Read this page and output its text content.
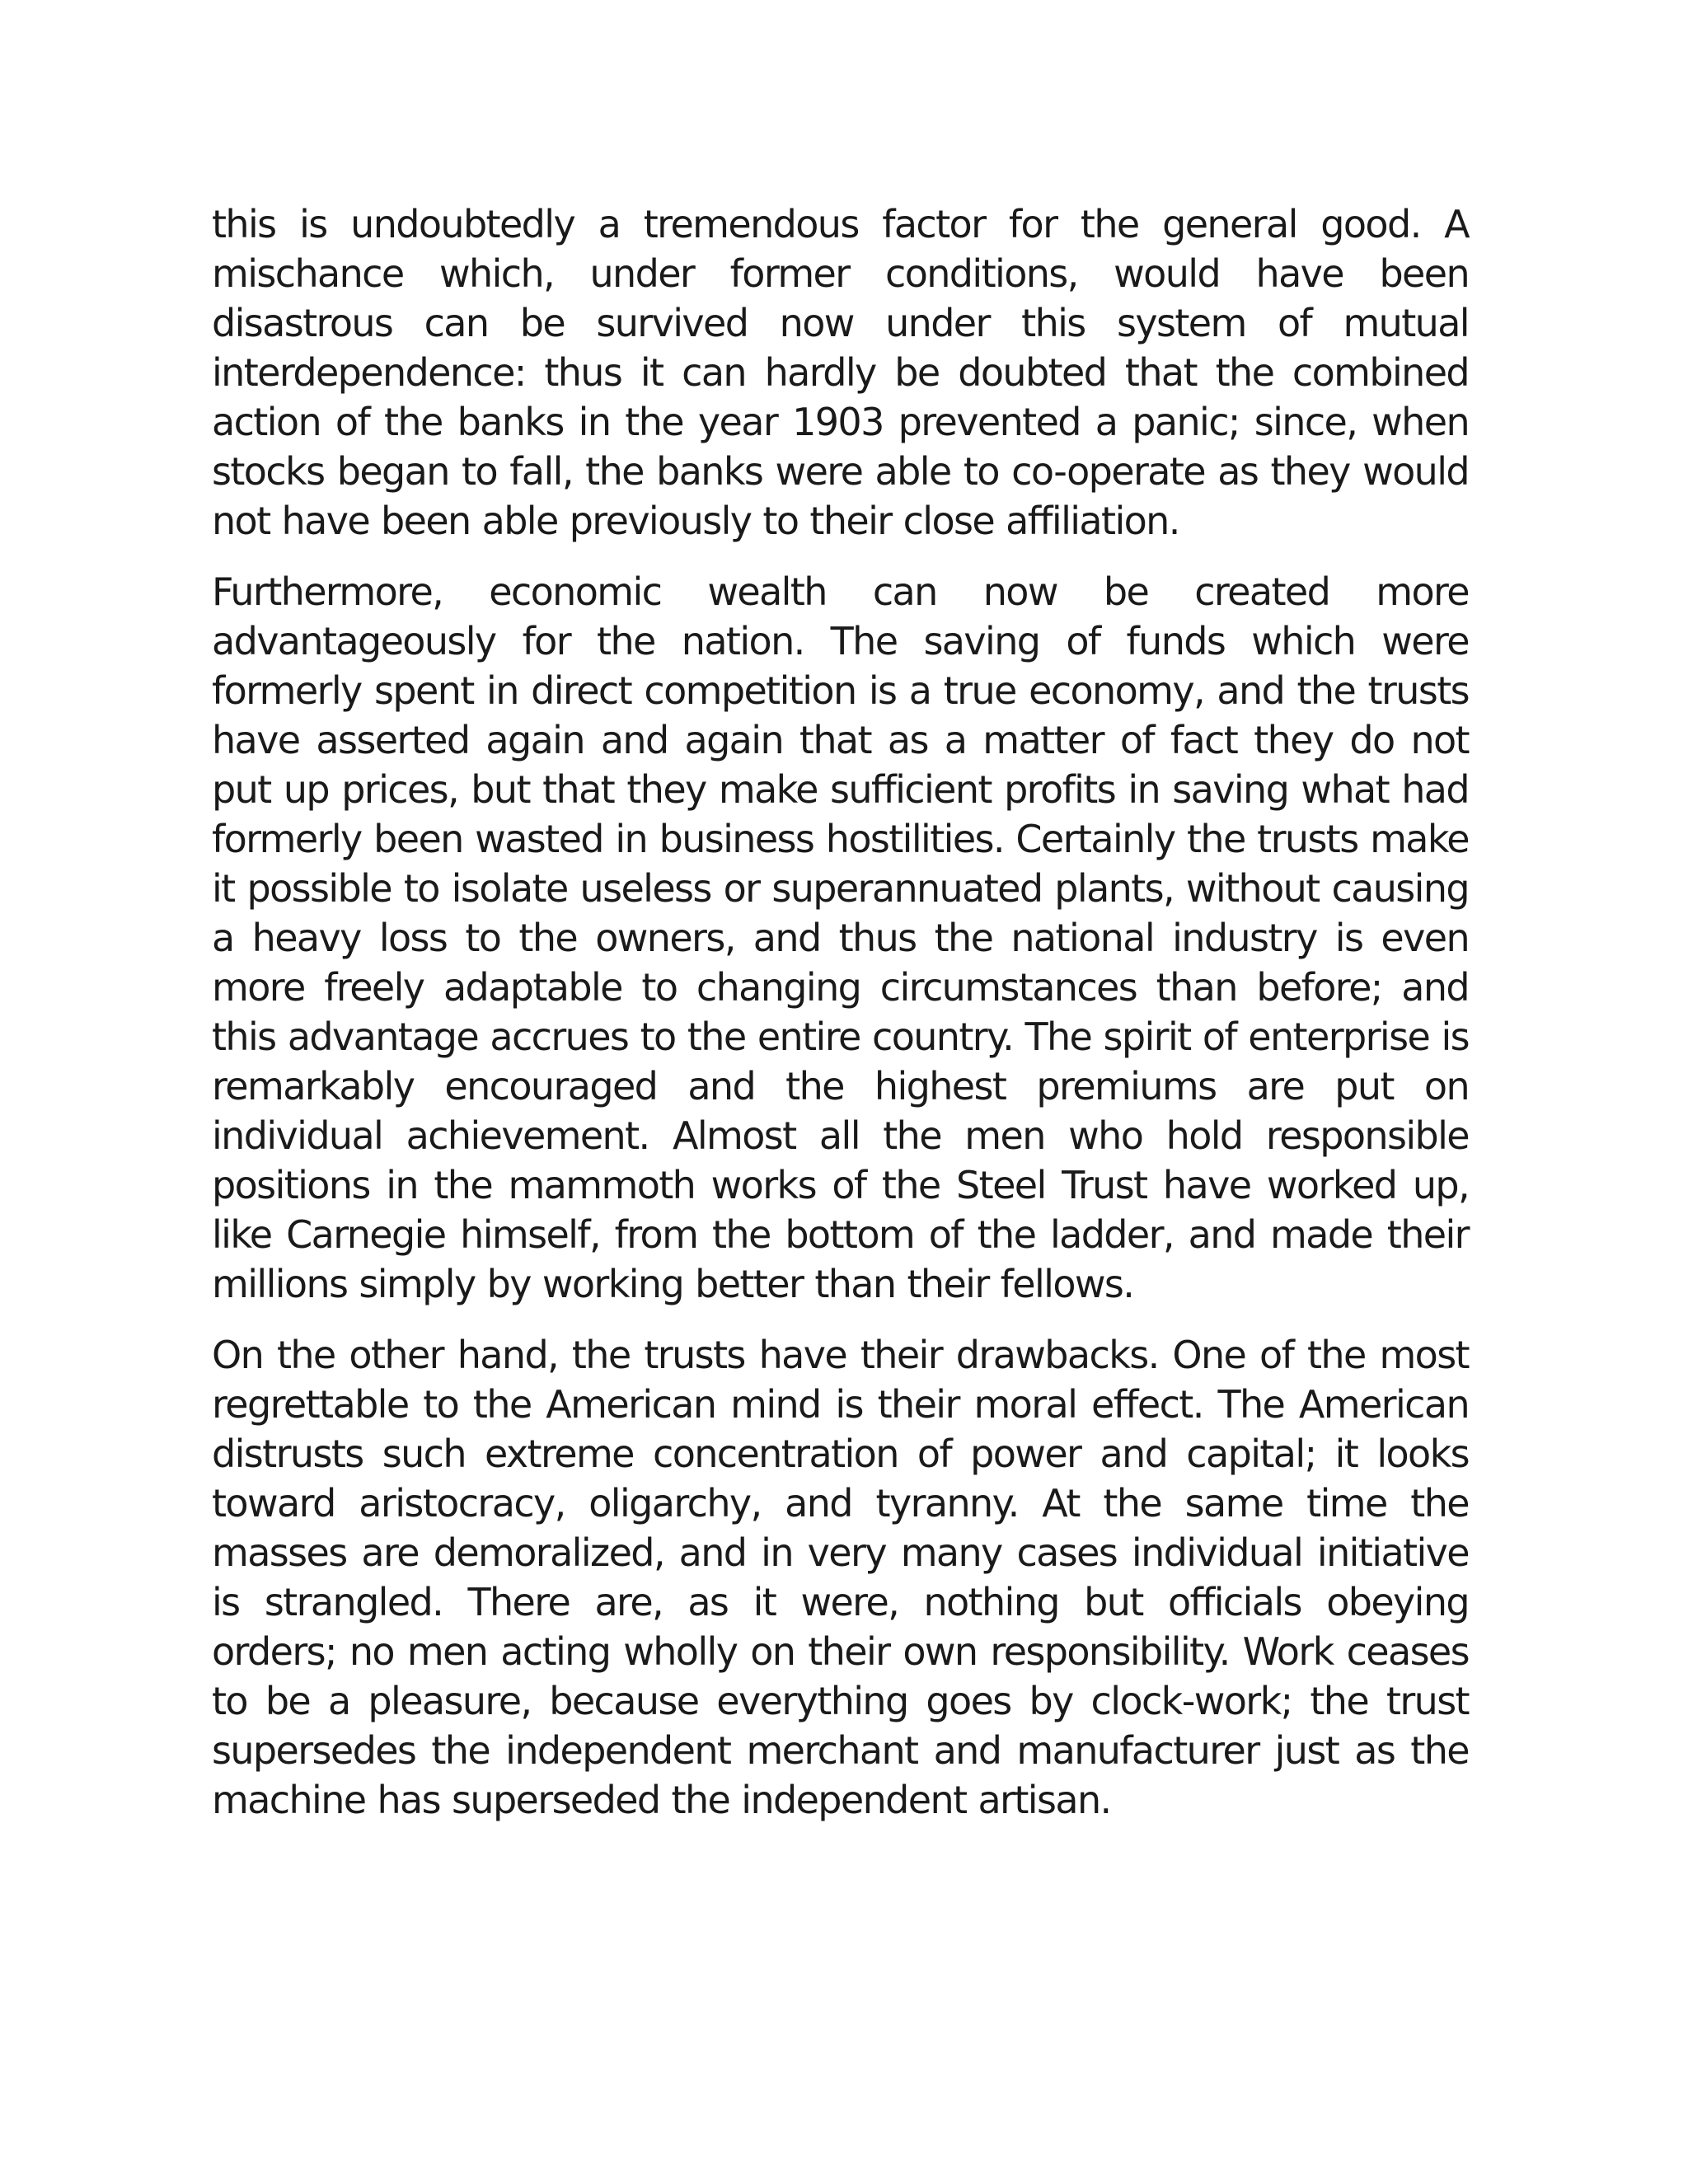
this is undoubtedly a tremendous factor for the general good. A mischance which, under former conditions, would have been disastrous can be survived now under this system of mutual interdependence: thus it can hardly be doubted that the combined action of the banks in the year 1903 prevented a panic; since, when stocks began to fall, the banks were able to co-operate as they would not have been able previously to their close affiliation.

Furthermore, economic wealth can now be created more advantageously for the nation. The saving of funds which were formerly spent in direct competition is a true economy, and the trusts have asserted again and again that as a matter of fact they do not put up prices, but that they make sufficient profits in saving what had formerly been wasted in business hostilities. Certainly the trusts make it possible to isolate useless or superannuated plants, without causing a heavy loss to the owners, and thus the national industry is even more freely adaptable to changing circumstances than before; and this advantage accrues to the entire country. The spirit of enterprise is remarkably encouraged and the highest premiums are put on individual achievement. Almost all the men who hold responsible positions in the mammoth works of the Steel Trust have worked up, like Carnegie himself, from the bottom of the ladder, and made their millions simply by working better than their fellows.

On the other hand, the trusts have their drawbacks. One of the most regrettable to the American mind is their moral effect. The American distrusts such extreme concentration of power and capital; it looks toward aristocracy, oligarchy, and tyranny. At the same time the masses are demoralized, and in very many cases individual initiative is strangled. There are, as it were, nothing but officials obeying orders; no men acting wholly on their own responsibility. Work ceases to be a pleasure, because everything goes by clock-work; the trust supersedes the independent merchant and manufacturer just as the machine has superseded the independent artisan.
